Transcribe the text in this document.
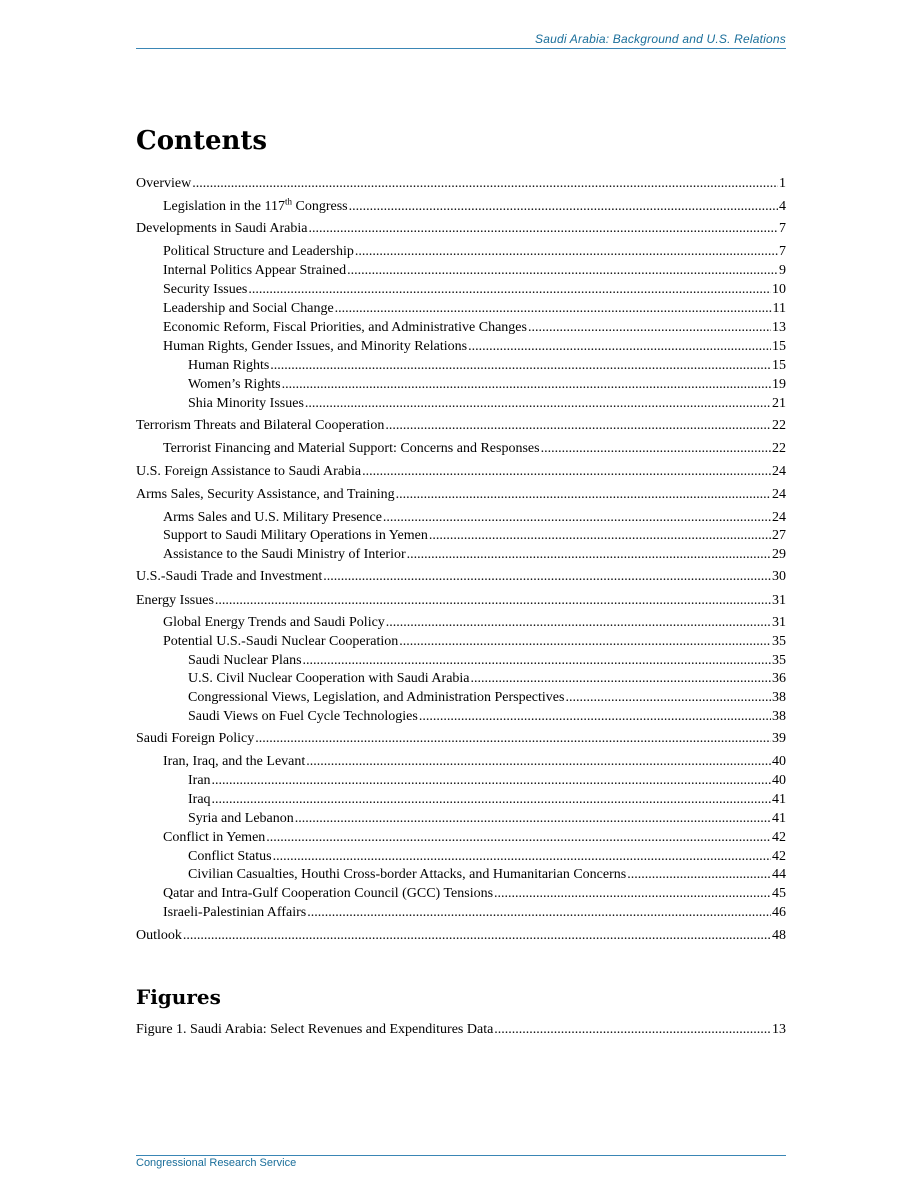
Saudi Arabia: Background and U.S. Relations
Contents
Overview .....	1
Legislation in the 117th Congress .....	4
Developments in Saudi Arabia .....	7
Political Structure and Leadership .....	7
Internal Politics Appear Strained .....	9
Security Issues .....	10
Leadership and Social Change .....	11
Economic Reform, Fiscal Priorities, and Administrative Changes .....	13
Human Rights, Gender Issues, and Minority Relations .....	15
Human Rights .....	15
Women’s Rights .....	19
Shia Minority Issues .....	21
Terrorism Threats and Bilateral Cooperation .....	22
Terrorist Financing and Material Support: Concerns and Responses .....	22
U.S. Foreign Assistance to Saudi Arabia .....	24
Arms Sales, Security Assistance, and Training .....	24
Arms Sales and U.S. Military Presence .....	24
Support to Saudi Military Operations in Yemen .....	27
Assistance to the Saudi Ministry of Interior .....	29
U.S.-Saudi Trade and Investment .....	30
Energy Issues .....	31
Global Energy Trends and Saudi Policy .....	31
Potential U.S.-Saudi Nuclear Cooperation .....	35
Saudi Nuclear Plans .....	35
U.S. Civil Nuclear Cooperation with Saudi Arabia .....	36
Congressional Views, Legislation, and Administration Perspectives .....	38
Saudi Views on Fuel Cycle Technologies .....	38
Saudi Foreign Policy .....	39
Iran, Iraq, and the Levant .....	40
Iran .....	40
Iraq .....	41
Syria and Lebanon .....	41
Conflict in Yemen .....	42
Conflict Status .....	42
Civilian Casualties, Houthi Cross-border Attacks, and Humanitarian Concerns .....	44
Qatar and Intra-Gulf Cooperation Council (GCC) Tensions .....	45
Israeli-Palestinian Affairs .....	46
Outlook .....	48
Figures
Figure 1. Saudi Arabia: Select Revenues and Expenditures Data .....	13
Congressional Research Service
